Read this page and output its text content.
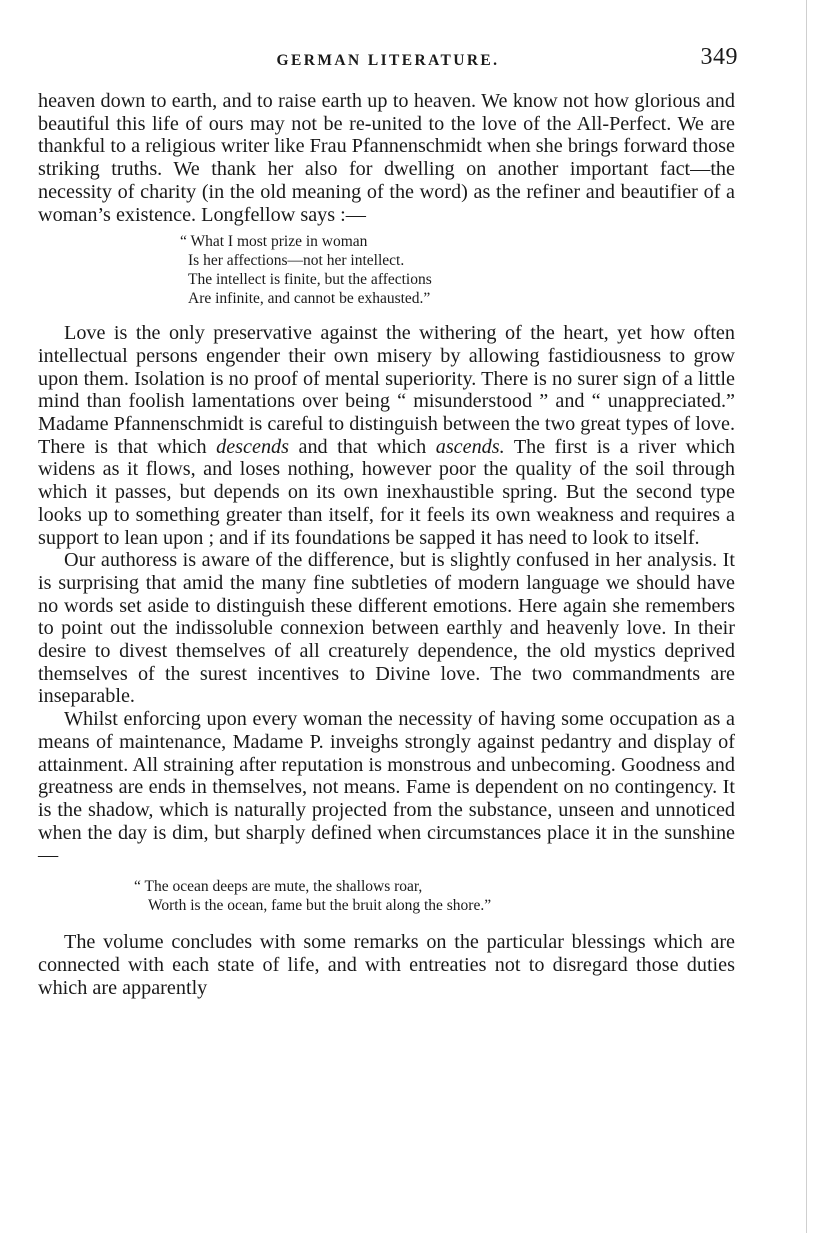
GERMAN LITERATURE.	349

heaven down to earth, and to raise earth up to heaven. We know not how glorious and beautiful this life of ours may not be re-united to the love of the All-Perfect. We are thankful to a religious writer like Frau Pfannenschmidt when she brings forward those striking truths. We thank her also for dwelling on another important fact—the necessity of charity (in the old meaning of the word) as the refiner and beautifier of a woman’s existence. Longfellow says :—

“ What I most prize in woman
Is her affections—not her intellect.
The intellect is finite, but the affections
Are infinite, and cannot be exhausted.”

Love is the only preservative against the withering of the heart, yet how often intellectual persons engender their own misery by allowing fastidiousness to grow upon them. Isolation is no proof of mental superiority. There is no surer sign of a little mind than foolish lamentations over being “ misunderstood ” and “ unappreciated.” Madame Pfannenschmidt is careful to distinguish between the two great types of love. There is that which descends and that which ascends. The first is a river which widens as it flows, and loses nothing, however poor the quality of the soil through which it passes, but depends on its own inexhaustible spring. But the second type looks up to something greater than itself, for it feels its own weakness and requires a support to lean upon ; and if its foundations be sapped it has need to look to itself.

Our authoress is aware of the difference, but is slightly confused in her analysis. It is surprising that amid the many fine subtleties of modern language we should have no words set aside to distinguish these different emotions. Here again she remembers to point out the indissoluble connexion between earthly and heavenly love. In their desire to divest themselves of all creaturely dependence, the old mystics deprived themselves of the surest incentives to Divine love. The two commandments are inseparable.

Whilst enforcing upon every woman the necessity of having some occupation as a means of maintenance, Madame P. inveighs strongly against pedantry and display of attainment. All straining after reputation is monstrous and unbecoming. Goodness and greatness are ends in themselves, not means. Fame is dependent on no contingency. It is the shadow, which is naturally projected from the substance, unseen and unnoticed when the day is dim, but sharply defined when circumstances place it in the sunshine—

“ The ocean deeps are mute, the shallows roar,
Worth is the ocean, fame but the bruit along the shore.”

The volume concludes with some remarks on the particular blessings which are connected with each state of life, and with entreaties not to disregard those duties which are apparently
